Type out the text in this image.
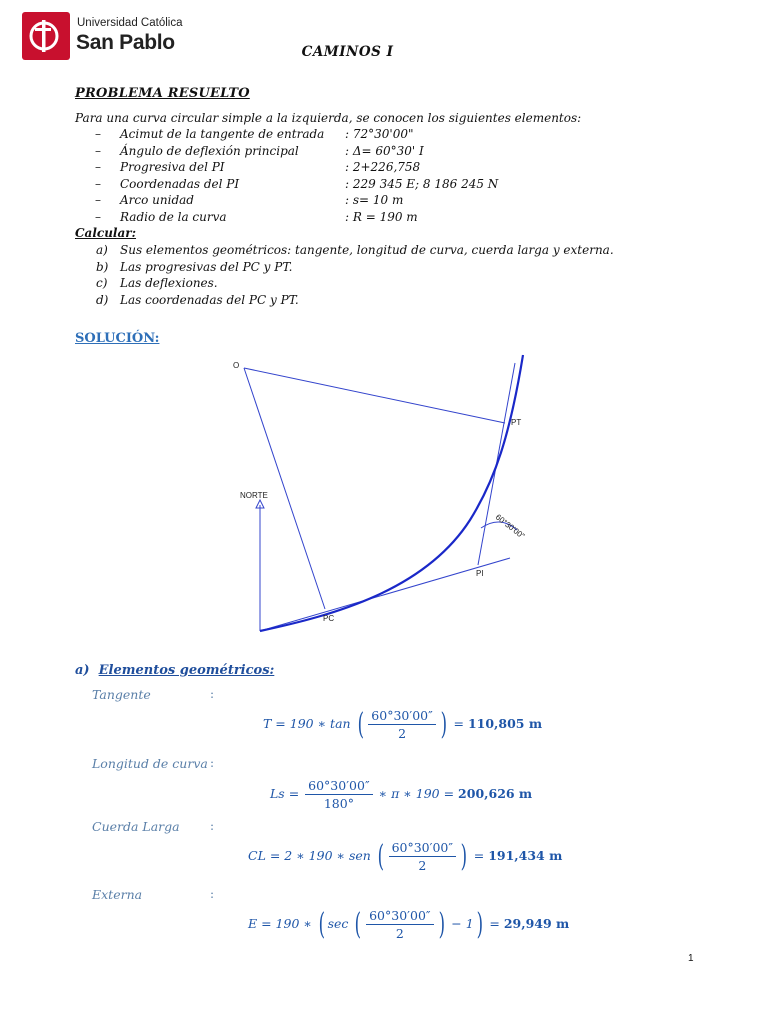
Universidad Católica
San Pablo	CAMINOS I
PROBLEMA RESUELTO
Para una curva circular simple a la izquierda, se conocen los siguientes elementos:
– Acimut de la tangente de entrada : 72°30'00"
– Ángulo de deflexión principal	: Δ= 60°30' I
– Progresiva del PI	: 2+226,758
– Coordenadas del PI	: 229 345 E; 8 186 245 N
– Arco unidad	: s= 10 m
– Radio de la curva	: R = 190 m
Calcular:
a) Sus elementos geométricos: tangente, longitud de curva, cuerda larga y externa.
b) Las progresivas del PC y PT.
c) Las deflexiones.
d) Las coordenadas del PC y PT.
SOLUCIÓN:
O
PT
PI
PC
NORTE
60°30'00"
a) Elementos geométricos:
Tangente	:
T = 190 ∗ tan ( $\frac{60^\circ 30'00''}{2}$ ) = 110,805 m
Longitud de curva :
$Ls = \frac{60^\circ 30'00''}{180^\circ}$ ∗ π ∗ 190 = 200,626 m
Cuerda Larga	:
CL = 2 ∗ 190 ∗ sen ( $\frac{60^\circ 30'00''}{2}$ ) = 191,434 m
Externa	:
E = 190 ∗ ( sec ( $\frac{60^\circ 30'00''}{2}$ ) − 1) = 29,949 m
1
